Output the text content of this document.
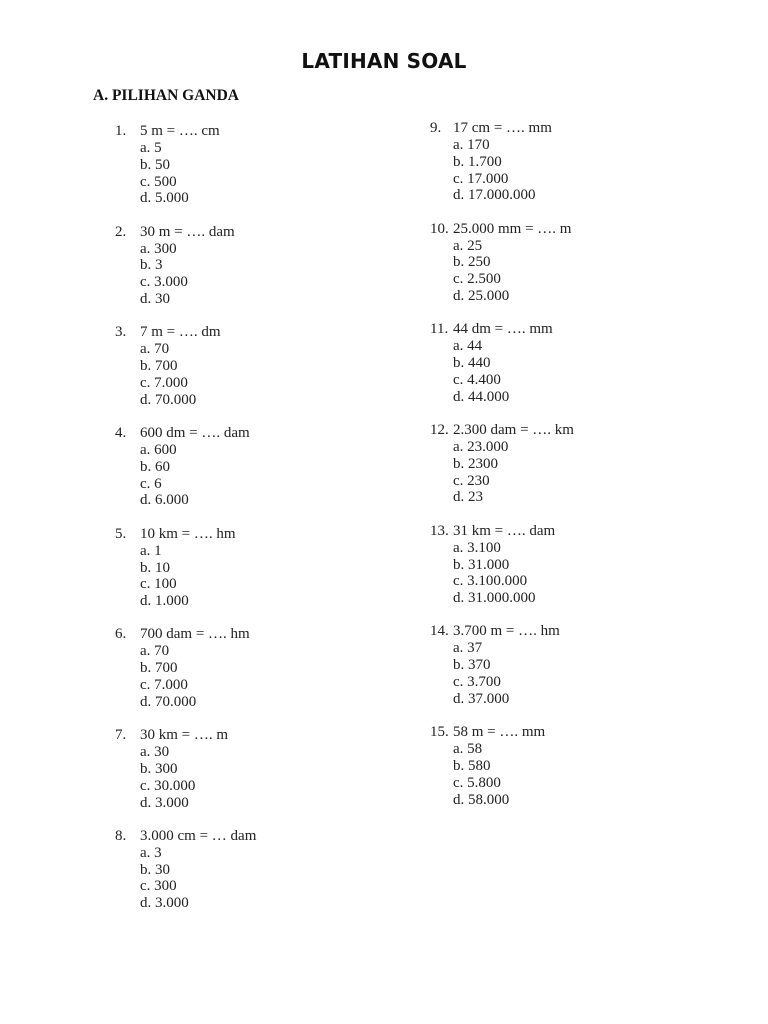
LATIHAN SOAL
A. PILIHAN GANDA
1. 5 m = …. cm
a. 5
b. 50
c. 500
d. 5.000
2. 30 m = …. dam
a. 300
b. 3
c. 3.000
d. 30
3. 7 m = …. dm
a. 70
b. 700
c. 7.000
d. 70.000
4. 600 dm = …. dam
a. 600
b. 60
c. 6
d. 6.000
5. 10 km = …. hm
a. 1
b. 10
c. 100
d. 1.000
6. 700 dam = …. hm
a. 70
b. 700
c. 7.000
d. 70.000
7. 30 km = …. m
a. 30
b. 300
c. 30.000
d. 3.000
8. 3.000 cm = … dam
a. 3
b. 30
c. 300
d. 3.000
9. 17 cm = …. mm
a. 170
b. 1.700
c. 17.000
d. 17.000.000
10. 25.000 mm = …. m
a. 25
b. 250
c. 2.500
d. 25.000
11. 44 dm = …. mm
a. 44
b. 440
c. 4.400
d. 44.000
12. 2.300 dam = …. km
a. 23.000
b. 2300
c. 230
d. 23
13. 31 km = …. dam
a. 3.100
b. 31.000
c. 3.100.000
d. 31.000.000
14. 3.700 m = …. hm
a. 37
b. 370
c. 3.700
d. 37.000
15. 58 m = …. mm
a. 58
b. 580
c. 5.800
d. 58.000
